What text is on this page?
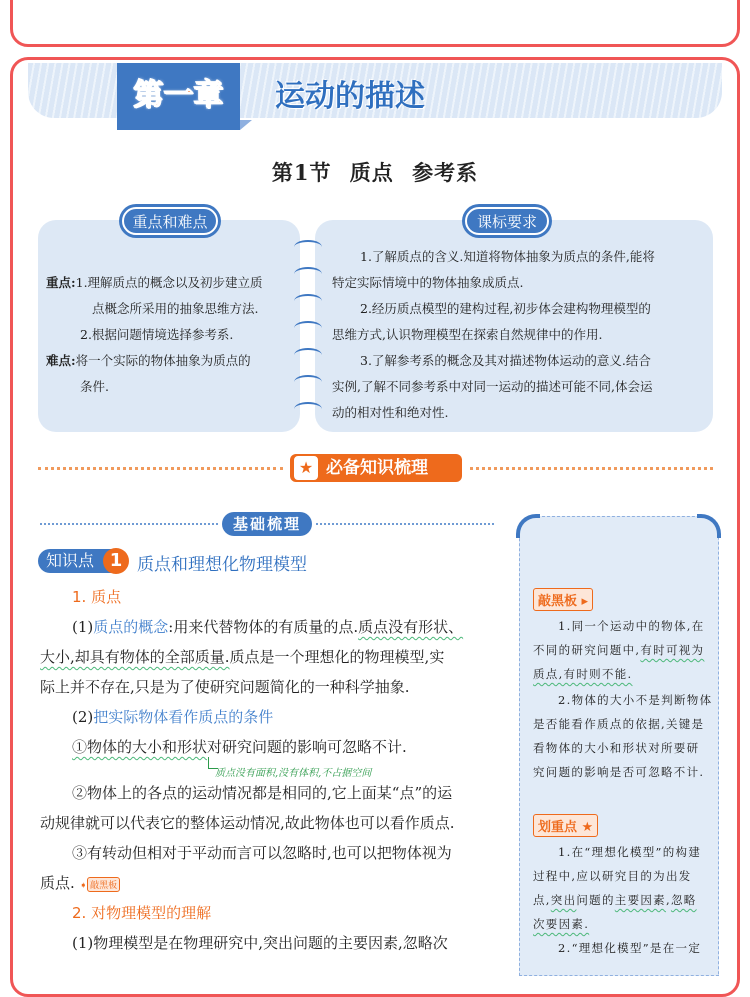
第一章	运动的描述
第1节 质点 参考系
重点和难点	课标要求
重点:1.理解质点的概念以及初步建立质
点概念所采用的抽象思维方法.
2.根据问题情境选择参考系.
难点:将一个实际的物体抽象为质点的
条件.
1.了解质点的含义.知道将物体抽象为质点的条件,能将
特定实际情境中的物体抽象成质点.
2.经历质点模型的建构过程,初步体会建构物理模型的
思维方式,认识物理模型在探索自然规律中的作用.
3.了解参考系的概念及其对描述物体运动的意义.结合
实例,了解不同参考系中对同一运动的描述可能不同,体会运
动的相对性和绝对性.
必备知识梳理
★
基础梳理
知识点 1 质点和理想化物理模型
1. 质点
(1)质点的概念:用来代替物体的有质量的点.质点没有形状、
大小,却具有物体的全部质量.质点是一个理想化的物理模型,实
际上并不存在,只是为了使研究问题简化的一种科学抽象.
(2)把实际物体看作质点的条件
①物体的大小和形状对研究问题的影响可忽略不计.
质点没有面积,没有体积,不占据空间
②物体上的各点的运动情况都是相同的,它上面某“点”的运
动规律就可以代表它的整体运动情况,故此物体也可以看作质点.
③有转动但相对于平动而言可以忽略时,也可以把物体视为
质点. ➧ 敲黑板
2. 对物理模型的理解
(1)物理模型是在物理研究中,突出问题的主要因素,忽略次
敲黑板 ▸
1.同一个运动中的物体,在
不同的研究问题中,有时可视为
质点,有时则不能.
2.物体的大小不是判断物体
是否能看作质点的依据,关键是
看物体的大小和形状对所要研
究问题的影响是否可忽略不计.
划重点 ★
1.在“理想化模型”的构建
过程中,应以研究目的为出发
点,突出问题的主要因素,忽略
次要因素.
2.“理想化模型”是在一定
